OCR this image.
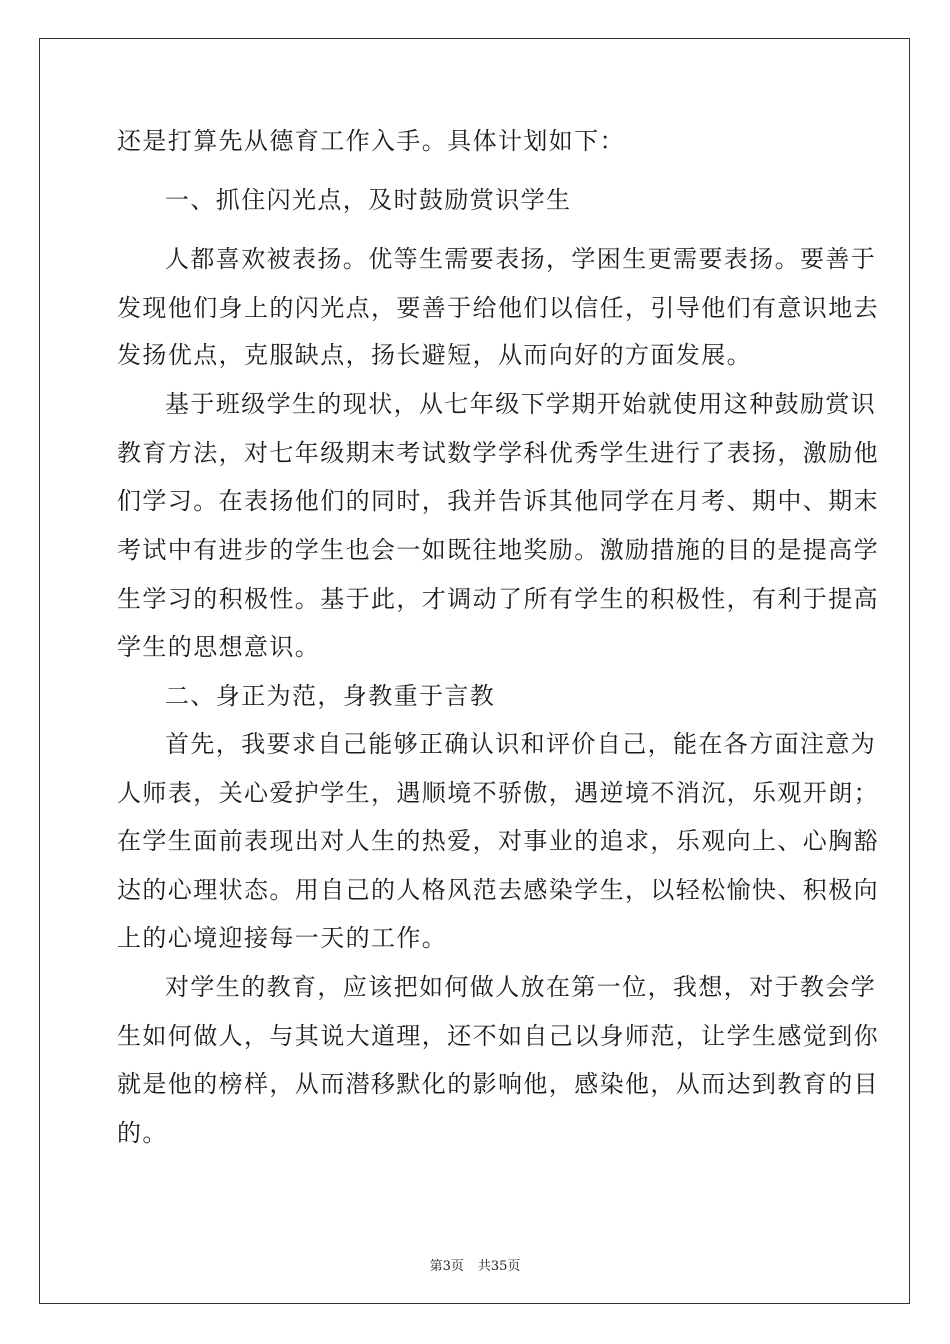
还是打算先从德育工作入手。具体计划如下：
一、抓住闪光点，及时鼓励赏识学生
人都喜欢被表扬。优等生需要表扬，学困生更需要表扬。要善于
发现他们身上的闪光点，要善于给他们以信任，引导他们有意识地去
发扬优点，克服缺点，扬长避短，从而向好的方面发展。
基于班级学生的现状，从七年级下学期开始就使用这种鼓励赏识
教育方法，对七年级期末考试数学学科优秀学生进行了表扬，激励他
们学习。在表扬他们的同时，我并告诉其他同学在月考、期中、期末
考试中有进步的学生也会一如既往地奖励。激励措施的目的是提高学
生学习的积极性。基于此，才调动了所有学生的积极性，有利于提高
学生的思想意识。
二、身正为范，身教重于言教
首先，我要求自己能够正确认识和评价自己，能在各方面注意为
人师表，关心爱护学生，遇顺境不骄傲，遇逆境不消沉，乐观开朗；
在学生面前表现出对人生的热爱，对事业的追求，乐观向上、心胸豁
达的心理状态。用自己的人格风范去感染学生，以轻松愉快、积极向
上的心境迎接每一天的工作。
对学生的教育，应该把如何做人放在第一位，我想，对于教会学
生如何做人，与其说大道理，还不如自己以身师范，让学生感觉到你
就是他的榜样，从而潜移默化的影响他，感染他，从而达到教育的目
的。
第3页 共35页
